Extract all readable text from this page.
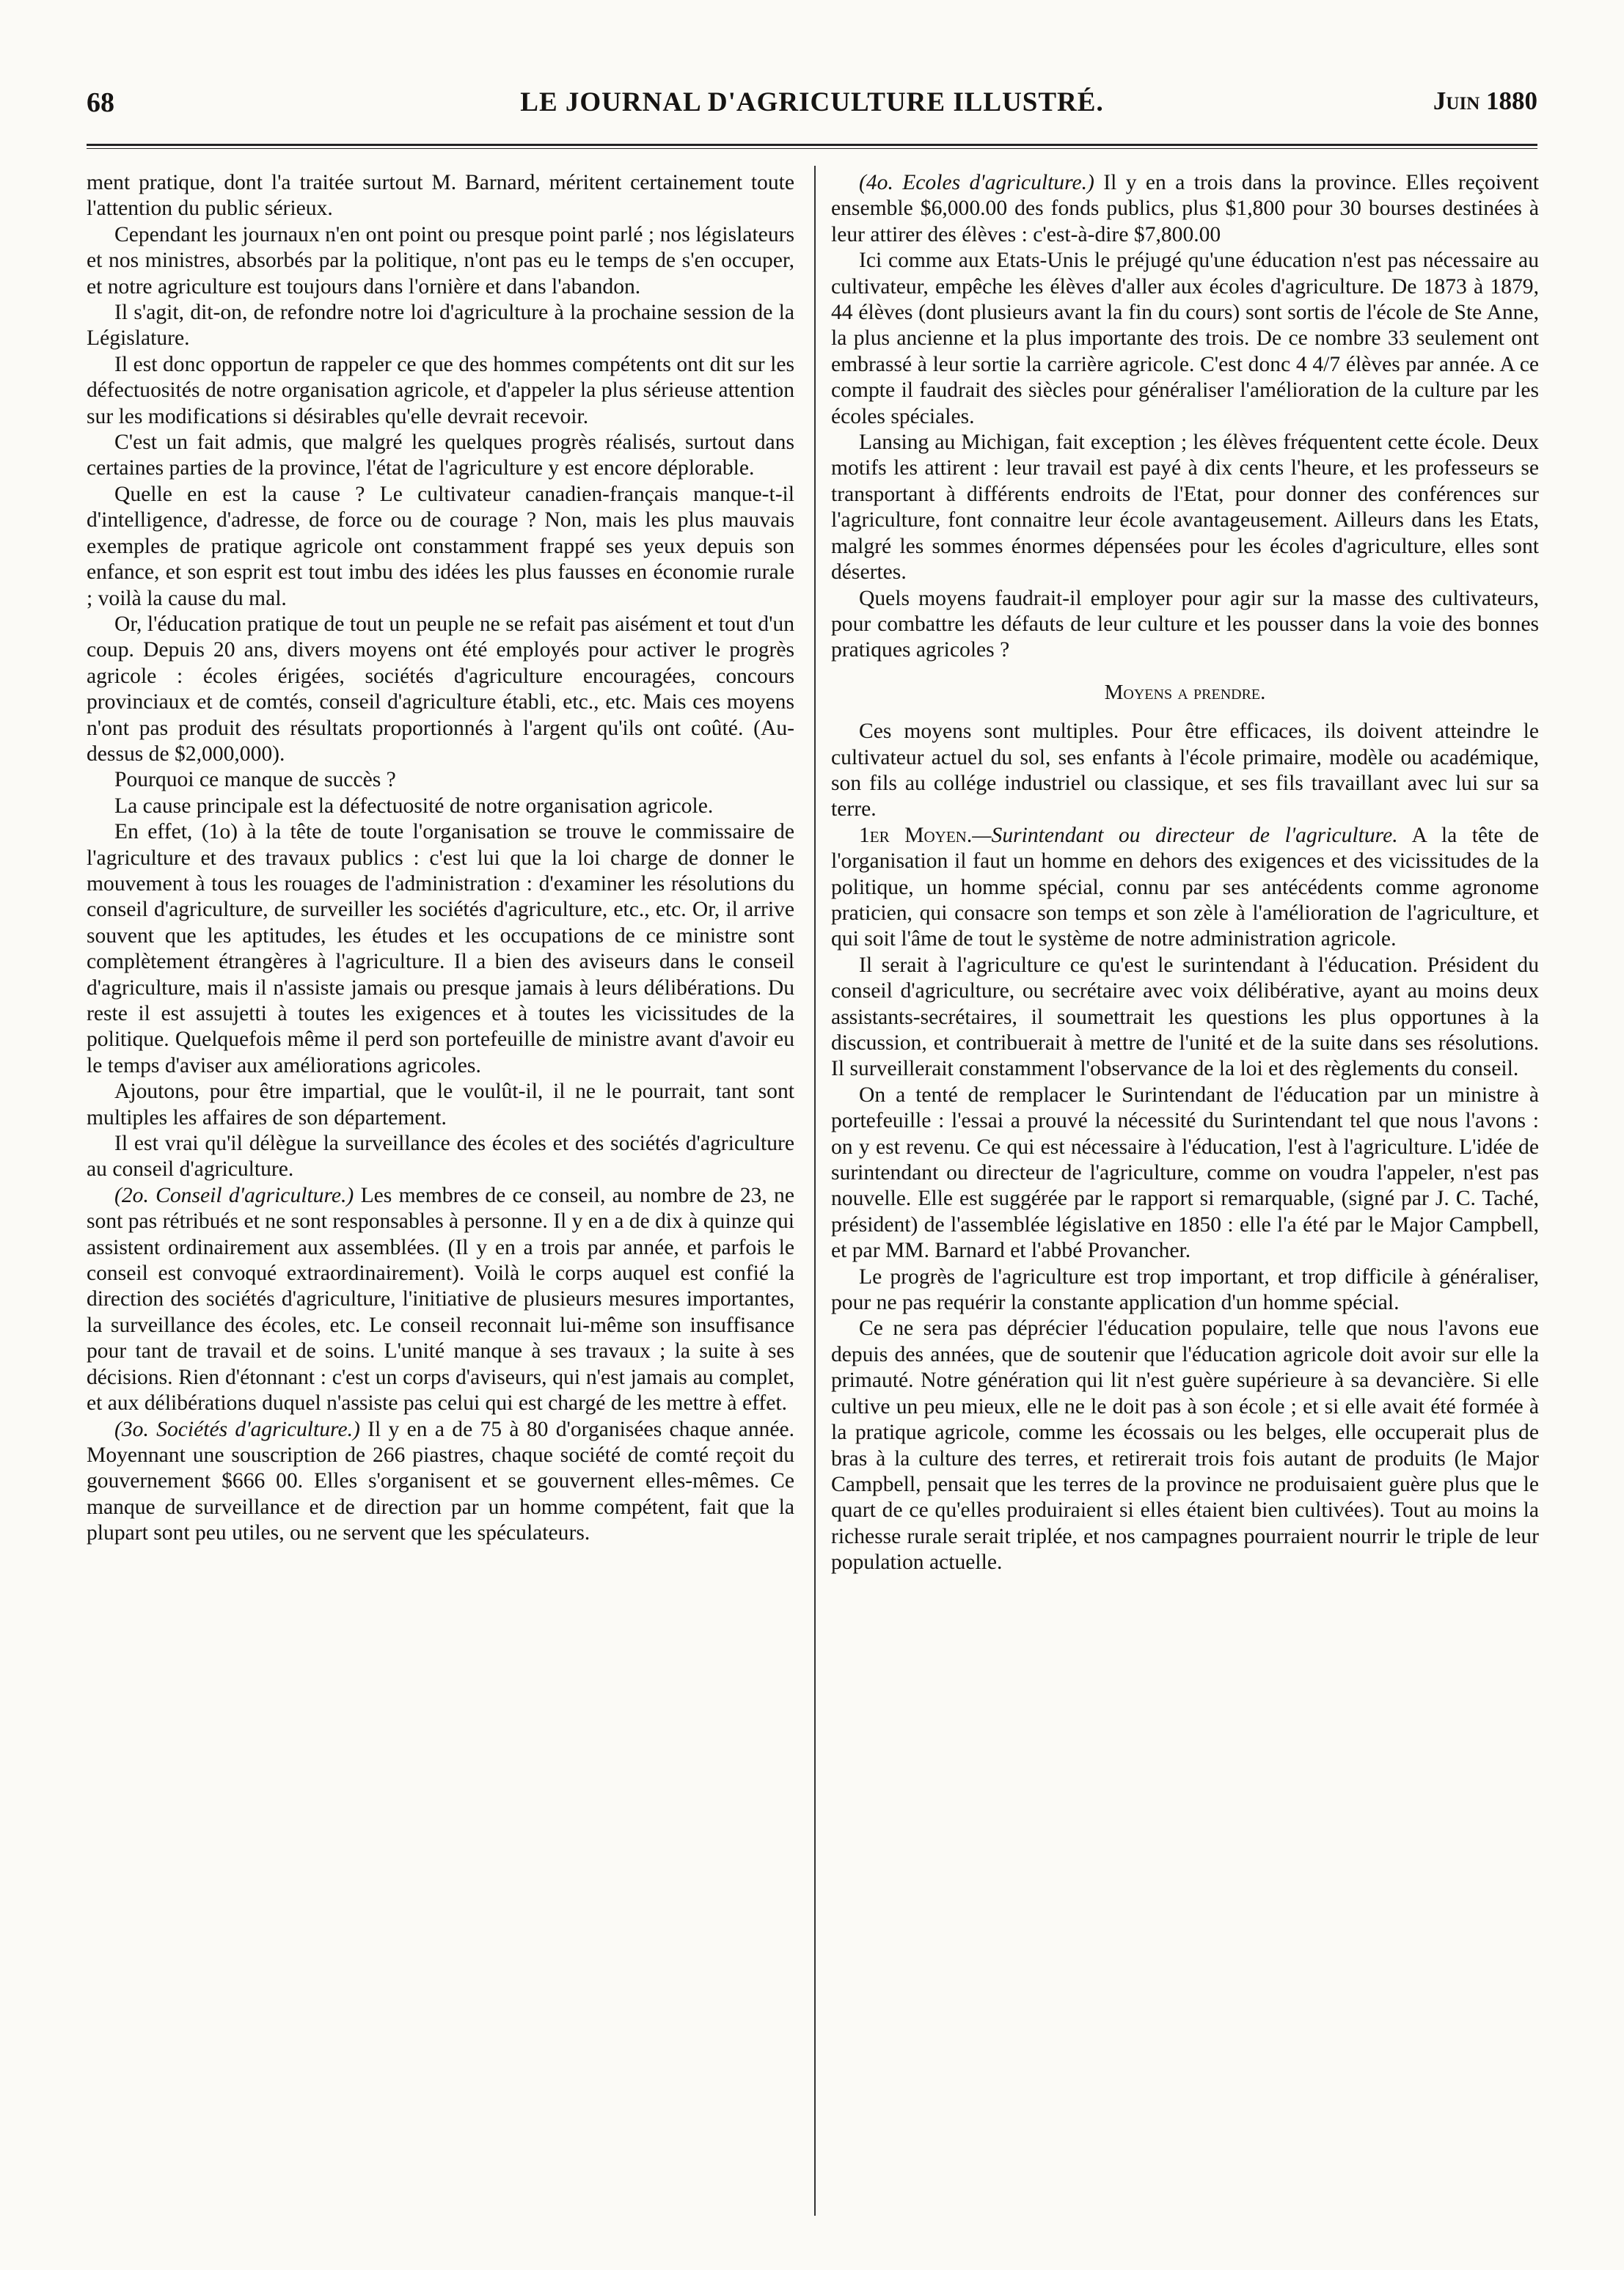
68	LE JOURNAL D'AGRICULTURE ILLUSTRÉ.	Juin 1880

ment pratique, dont l'a traitée surtout M. Barnard, méritent certainement toute l'attention du public sérieux.

Cependant les journaux n'en ont point ou presque point parlé ; nos législateurs et nos ministres, absorbés par la politique, n'ont pas eu le temps de s'en occuper, et notre agriculture est toujours dans l'ornière et dans l'abandon.

Il s'agit, dit-on, de refondre notre loi d'agriculture à la prochaine session de la Législature.

Il est donc opportun de rappeler ce que des hommes compétents ont dit sur les défectuosités de notre organisation agricole, et d'appeler la plus sérieuse attention sur les modifications si désirables qu'elle devrait recevoir.

C'est un fait admis, que malgré les quelques progrès réalisés, surtout dans certaines parties de la province, l'état de l'agriculture y est encore déplorable.

Quelle en est la cause ? Le cultivateur canadien-français manque-t-il d'intelligence, d'adresse, de force ou de courage ? Non, mais les plus mauvais exemples de pratique agricole ont constamment frappé ses yeux depuis son enfance, et son esprit est tout imbu des idées les plus fausses en économie rurale ; voilà la cause du mal.

Or, l'éducation pratique de tout un peuple ne se refait pas aisément et tout d'un coup. Depuis 20 ans, divers moyens ont été employés pour activer le progrès agricole : écoles érigées, sociétés d'agriculture encouragées, concours provinciaux et de comtés, conseil d'agriculture établi, etc., etc. Mais ces moyens n'ont pas produit des résultats proportionnés à l'argent qu'ils ont coûté. (Au-dessus de $2,000,000).

Pourquoi ce manque de succès ?

La cause principale est la défectuosité de notre organisation agricole.

En effet, (1o) à la tête de toute l'organisation se trouve le commissaire de l'agriculture et des travaux publics : c'est lui que la loi charge de donner le mouvement à tous les rouages de l'administration : d'examiner les résolutions du conseil d'agriculture, de surveiller les sociétés d'agriculture, etc., etc. Or, il arrive souvent que les aptitudes, les études et les occupations de ce ministre sont complètement étrangères à l'agriculture. Il a bien des aviseurs dans le conseil d'agriculture, mais il n'assiste jamais ou presque jamais à leurs délibérations. Du reste il est assujetti à toutes les exigences et à toutes les vicissitudes de la politique. Quelquefois même il perd son portefeuille de ministre avant d'avoir eu le temps d'aviser aux améliorations agricoles.

Ajoutons, pour être impartial, que le voulût-il, il ne le pourrait, tant sont multiples les affaires de son département.

Il est vrai qu'il délègue la surveillance des écoles et des sociétés d'agriculture au conseil d'agriculture.

(2o. Conseil d'agriculture.) Les membres de ce conseil, au nombre de 23, ne sont pas rétribués et ne sont responsables à personne. Il y en a de dix à quinze qui assistent ordinairement aux assemblées. (Il y en a trois par année, et parfois le conseil est convoqué extraordinairement). Voilà le corps auquel est confié la direction des sociétés d'agriculture, l'initiative de plusieurs mesures importantes, la surveillance des écoles, etc. Le conseil reconnait lui-même son insuffisance pour tant de travail et de soins. L'unité manque à ses travaux ; la suite à ses décisions. Rien d'étonnant : c'est un corps d'aviseurs, qui n'est jamais au complet, et aux délibérations duquel n'assiste pas celui qui est chargé de les mettre à effet.

(3o. Sociétés d'agriculture.) Il y en a de 75 à 80 d'organisées chaque année. Moyennant une souscription de 266 piastres, chaque société de comté reçoit du gouvernement $666 00. Elles s'organisent et se gouvernent elles-mêmes. Ce manque de surveillance et de direction par un homme compétent, fait que la plupart sont peu utiles, ou ne servent que les spéculateurs.

(4o. Ecoles d'agriculture.) Il y en a trois dans la province. Elles reçoivent ensemble $6,000.00 des fonds publics, plus $1,800 pour 30 bourses destinées à leur attirer des élèves : c'est-à-dire $7,800.00

Ici comme aux Etats-Unis le préjugé qu'une éducation n'est pas nécessaire au cultivateur, empêche les élèves d'aller aux écoles d'agriculture. De 1873 à 1879, 44 élèves (dont plusieurs avant la fin du cours) sont sortis de l'école de Ste Anne, la plus ancienne et la plus importante des trois. De ce nombre 33 seulement ont embrassé à leur sortie la carrière agricole. C'est donc 4 4/7 élèves par année. A ce compte il faudrait des siècles pour généraliser l'amélioration de la culture par les écoles spéciales.

Lansing au Michigan, fait exception ; les élèves fréquentent cette école. Deux motifs les attirent : leur travail est payé à dix cents l'heure, et les professeurs se transportant à différents endroits de l'Etat, pour donner des conférences sur l'agriculture, font connaitre leur école avantageusement. Ailleurs dans les Etats, malgré les sommes énormes dépensées pour les écoles d'agriculture, elles sont désertes.

Quels moyens faudrait-il employer pour agir sur la masse des cultivateurs, pour combattre les défauts de leur culture et les pousser dans la voie des bonnes pratiques agricoles ?

Moyens a prendre.

Ces moyens sont multiples. Pour être efficaces, ils doivent atteindre le cultivateur actuel du sol, ses enfants à l'école primaire, modèle ou académique, son fils au collége industriel ou classique, et ses fils travaillant avec lui sur sa terre.

1er Moyen.—Surintendant ou directeur de l'agriculture. A la tête de l'organisation il faut un homme en dehors des exigences et des vicissitudes de la politique, un homme spécial, connu par ses antécédents comme agronome praticien, qui consacre son temps et son zèle à l'amélioration de l'agriculture, et qui soit l'âme de tout le système de notre administration agricole.

Il serait à l'agriculture ce qu'est le surintendant à l'éducation. Président du conseil d'agriculture, ou secrétaire avec voix délibérative, ayant au moins deux assistants-secrétaires, il soumettrait les questions les plus opportunes à la discussion, et contribuerait à mettre de l'unité et de la suite dans ses résolutions. Il surveillerait constamment l'observance de la loi et des règlements du conseil.

On a tenté de remplacer le Surintendant de l'éducation par un ministre à portefeuille : l'essai a prouvé la nécessité du Surintendant tel que nous l'avons : on y est revenu. Ce qui est nécessaire à l'éducation, l'est à l'agriculture. L'idée de surintendant ou directeur de l'agriculture, comme on voudra l'appeler, n'est pas nouvelle. Elle est suggérée par le rapport si remarquable, (signé par J. C. Taché, président) de l'assemblée législative en 1850 : elle l'a été par le Major Campbell, et par MM. Barnard et l'abbé Provancher.

Le progrès de l'agriculture est trop important, et trop difficile à généraliser, pour ne pas requérir la constante application d'un homme spécial.

Ce ne sera pas déprécier l'éducation populaire, telle que nous l'avons eue depuis des années, que de soutenir que l'éducation agricole doit avoir sur elle la primauté. Notre génération qui lit n'est guère supérieure à sa devancière. Si elle cultive un peu mieux, elle ne le doit pas à son école ; et si elle avait été formée à la pratique agricole, comme les écossais ou les belges, elle occuperait plus de bras à la culture des terres, et retirerait trois fois autant de produits (le Major Campbell, pensait que les terres de la province ne produisaient guère plus que le quart de ce qu'elles produiraient si elles étaient bien cultivées). Tout au moins la richesse rurale serait triplée, et nos campagnes pourraient nourrir le triple de leur population actuelle.
